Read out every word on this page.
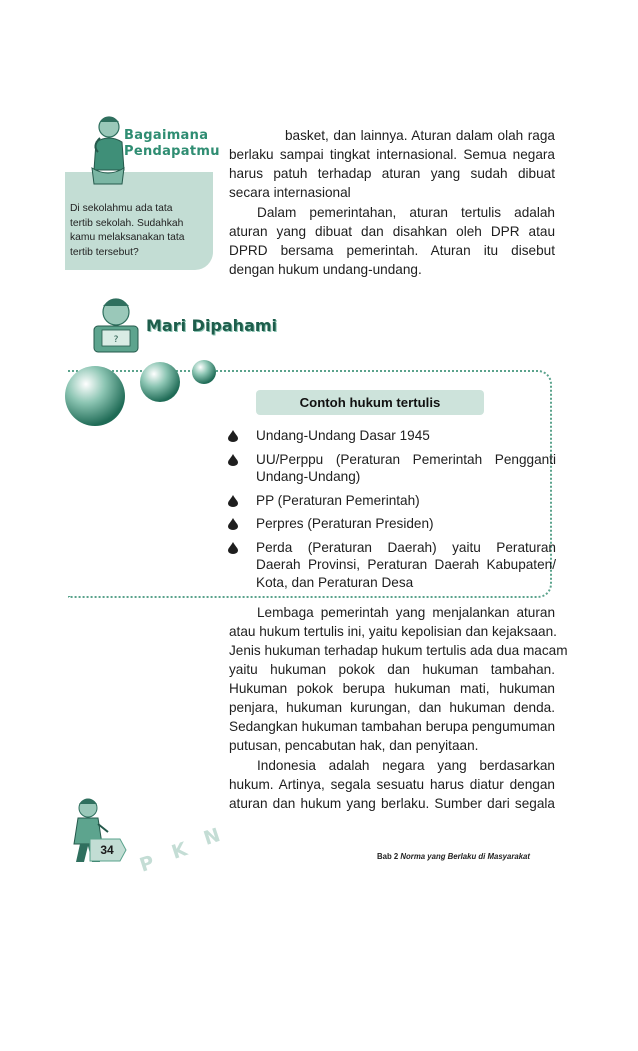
Bagaimana
Pendapatmu
Di sekolahmu ada tata
tertib sekolah. Sudahkah
kamu melaksanakan tata
tertib tersebut?

basket, dan lainnya. Aturan dalam olah raga
berlaku sampai tingkat internasional. Semua negara
harus patuh terhadap aturan yang sudah dibuat
secara internasional

Dalam pemerintahan, aturan tertulis adalah
aturan yang dibuat dan disahkan oleh DPR atau
DPRD bersama pemerintah. Aturan itu disebut
dengan hukum undang-undang.

?
Mari Dipahami
Contoh hukum tertulis
Undang-Undang Dasar 1945
UU/Perppu (Peraturan Pemerintah Pengganti
Undang-Undang)
PP (Peraturan Pemerintah)
Perpres (Peraturan Presiden)
Perda (Peraturan Daerah) yaitu Peraturan
Daerah Provinsi, Peraturan Daerah Kabupaten/
Kota, dan Peraturan Desa

Lembaga pemerintah yang menjalankan aturan
atau hukum tertulis ini, yaitu kepolisian dan kejaksaan.
Jenis hukuman terhadap hukum tertulis ada dua macam
yaitu hukuman pokok dan hukuman tambahan.
Hukuman pokok berupa hukuman mati, hukuman
penjara, hukuman kurungan, dan hukuman denda.
Sedangkan hukuman tambahan berupa pengumuman
putusan, pencabutan hak, dan penyitaan.

Indonesia adalah negara yang berdasarkan
hukum. Artinya, segala sesuatu harus diatur dengan
aturan dan hukum yang berlaku. Sumber dari segala

34
P
K
N
Bab 2 Norma yang Berlaku di Masyarakat
